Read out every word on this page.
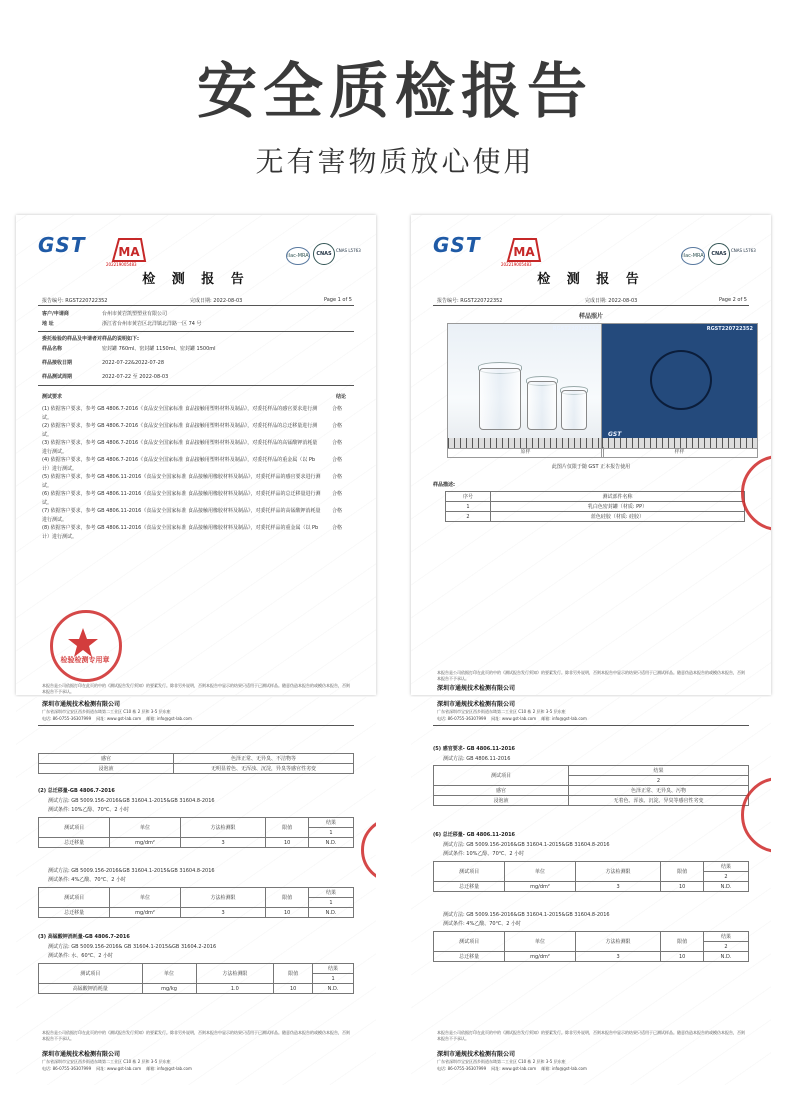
安全质检报告
无有害物质放心使用
GST	MA
202219005483
ilac-MRA	CNAS
CNAS L5763
检 测 报 告
报告编号: RGST220722352	完成日期: 2022-08-03	Page 1 of 5
客户/申请商	台州市黄岩凯塑塑业有限公司
地 址	浙江省台州市黄岩区北洋镇北洋路一区 74 号
委托检验的样品及申请者对样品的说明如下:
样品名称	密封罐 760ml、密封罐 1150ml、密封罐 1500ml
样品接收日期	2022-07-22&2022-07-28
样品测试周期	2022-07-22 至 2022-08-03
测试要求	结论
(1) 依据客户要求，参考 GB 4806.7-2016《食品安全国家标准 食品接触用塑料材料及制品》，对委托样品的感官要求进行测试。
合格
(2) 依据客户要求，参考 GB 4806.7-2016《食品安全国家标准 食品接触用塑料材料及制品》，对委托样品的总迁移量进行测试。
合格
(3) 依据客户要求，参考 GB 4806.7-2016《食品安全国家标准 食品接触用塑料材料及制品》，对委托样品的高锰酸钾消耗量进行测试。
合格
(4) 依据客户要求，参考 GB 4806.7-2016《食品安全国家标准 食品接触用塑料材料及制品》，对委托样品的重金属（以 Pb 计）进行测试。
合格
(5) 依据客户要求，参考 GB 4806.11-2016《食品安全国家标准 食品接触用橡胶材料及制品》，对委托样品的感官要求进行测试。
合格
(6) 依据客户要求，参考 GB 4806.11-2016《食品安全国家标准 食品接触用橡胶材料及制品》，对委托样品的总迁移量进行测试。
合格
(7) 依据客户要求，参考 GB 4806.11-2016《食品安全国家标准 食品接触用橡胶材料及制品》，对委托样品的高锰酸钾消耗量进行测试。
合格
(8) 依据客户要求，参考 GB 4806.11-2016《食品安全国家标准 食品接触用橡胶材料及制品》，对委托样品的重金属（以 Pb 计）进行测试。
合格
检验检测专用章
本报告是公司依据打印在此页的中的《测试报告发行须知》的要素发行。除非另外说明，否则本报告中显示的结果只适用于已测试样品。随意伪造本报告的或模仿本报告，否则本报告不予承认。
GST	MA
202219005483
ilac-MRA	CNAS
CNAS L5763
检 测 报 告
报告编号: RGST220722352	完成日期: 2022-08-03	Page 2 of 5
样品照片
RGST220722352	RGST220722352
GST
原样	样样
此图片仅限于随 GST 正本报告使用
样品描述:
序号	测试部件名称
1	乳白色密封罐（材质: PP）
2	蓝色硅胶（材质: 硅胶）
本报告是公司依据打印在此页的中的《测试报告发行须知》的要素发行。除非另外说明，否则本报告中显示的结果只适用于已测试样品。随意伪造本报告的或模仿本报告，否则本报告不予承认。
深圳市通规技术检测有限公司
深圳市通规技术检测有限公司
广东省深圳市宝安区西乡街道东坳第二工业区 C10 栋 2 层和 3-5 层东座
电话: 86-0755-36307999 网址: www.gst-lab.com 邮箱: info@gst-lab.com
感官	色泽正常、无异臭、不洁物等
浸泡液	无明显着色、无浑浊、沉淀，异臭等感官性劣变
(2) 总迁移量-GB 4806.7-2016
测试方法: GB 5009.156-2016&GB 31604.1-2015&GB 31604.8-2016
测试条件: 10%乙醇、70℃、2 小时
测试项目	单位	方法检测限	限值	结果
				1
总迁移量	mg/dm²	3	10	N.D.
测试方法: GB 5009.156-2016&GB 31604.1-2015&GB 31604.8-2016
测试条件: 4%乙酸、70℃、2 小时
测试项目	单位	方法检测限	限值	结果
				1
总迁移量	mg/dm²	3	10	N.D.
(3) 高锰酸钾消耗量-GB 4806.7-2016
测试方法: GB 5009.156-2016& GB 31604.1-2015&GB 31604.2-2016
测试条件: 水、60℃、2 小时
测试项目	单位	方法检测限	限值	结果
				1
高锰酸钾消耗量	mg/kg	1.0	10	N.D.
本报告是公司依据打印在此页的中的《测试报告发行须知》的要素发行。除非另外说明，否则本报告中显示的结果只适用于已测试样品。随意伪造本报告的或模仿本报告，否则本报告不予承认。
深圳市通规技术检测有限公司
广东省深圳市宝安区西乡街道东坳第二工业区 C10 栋 2 层和 3-5 层东座
电话: 86-0755-36307999 网址: www.gst-lab.com 邮箱: info@gst-lab.com
深圳市通规技术检测有限公司
广东省深圳市宝安区西乡街道东坳第二工业区 C10 栋 2 层和 3-5 层东座
电话: 86-0755-36307999 网址: www.gst-lab.com 邮箱: info@gst-lab.com
(5) 感官要求- GB 4806.11-2016
测试方法: GB 4806.11-2016
测试项目	结果
	2
感官	色泽正常、无异臭、污物
浸泡液	无着色、浑浊、沉淀、异臭等感官性劣变
(6) 总迁移量- GB 4806.11-2016
测试方法: GB 5009.156-2016&GB 31604.1-2015&GB 31604.8-2016
测试条件: 10%乙醇、70℃、2 小时
测试项目	单位	方法检测限	限值	结果
				2
总迁移量	mg/dm²	3	10	N.D.
测试方法: GB 5009.156-2016&GB 31604.1-2015&GB 31604.8-2016
测试条件: 4%乙酸、70℃、2 小时
测试项目	单位	方法检测限	限值	结果
				2
总迁移量	mg/dm²	3	10	N.D.
本报告是公司依据打印在此页的中的《测试报告发行须知》的要素发行。除非另外说明，否则本报告中显示的结果只适用于已测试样品。随意伪造本报告的或模仿本报告，否则本报告不予承认。
深圳市通规技术检测有限公司
广东省深圳市宝安区西乡街道东坳第二工业区 C10 栋 2 层和 3-5 层东座
电话: 86-0755-36307999 网址: www.gst-lab.com 邮箱: info@gst-lab.com
